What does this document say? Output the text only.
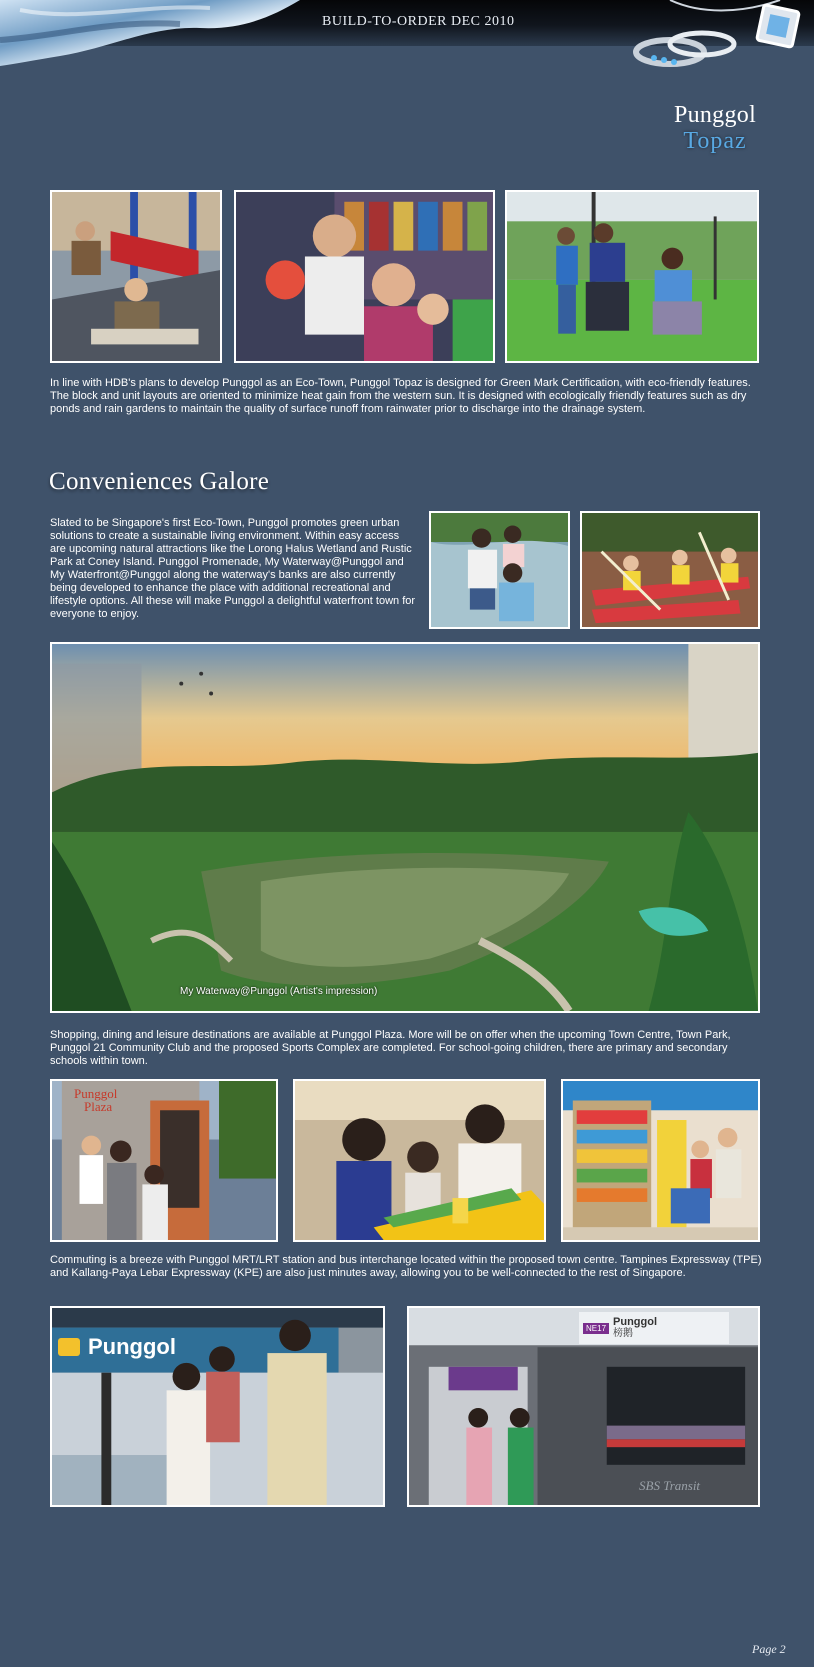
BUILD-TO-ORDER DEC 2010
Punggol
Topaz
In line with HDB's plans to develop Punggol as an Eco-Town, Punggol Topaz is designed for Green Mark Certification, with eco-friendly features. The block and unit layouts are oriented to minimize heat gain from the western sun. It is designed with ecologically friendly features such as dry ponds and rain gardens to maintain the quality of surface runoff from rainwater prior to discharge into the drainage system.
Conveniences Galore
Slated to be Singapore's first Eco-Town, Punggol promotes green urban solutions to create a sustainable living environment. Within easy access are upcoming natural attractions like the Lorong Halus Wetland and Rustic Park at Coney Island. Punggol Promenade, My Waterway@Punggol and My Waterfront@Punggol along the waterway's banks are also currently being developed to enhance the place with additional recreational and lifestyle options. All these will make Punggol a delightful waterfront town for everyone to enjoy.
My Waterway@Punggol (Artist's impression)
Shopping, dining and leisure destinations are available at Punggol Plaza. More will be on offer when the upcoming Town Centre, Town Park, Punggol 21 Community Club and the proposed Sports Complex are completed. For school-going children, there are primary and secondary schools within town.
Punggol
Plaza
Commuting is a breeze with Punggol MRT/LRT station and bus interchange located within the proposed town centre. Tampines Expressway (TPE) and Kallang-Paya Lebar Expressway (KPE) are also just minutes away, allowing you to be well-connected to the rest of Singapore.
Punggol
NE17 Punggol
榜鹅
SBS Transit
Page 2
